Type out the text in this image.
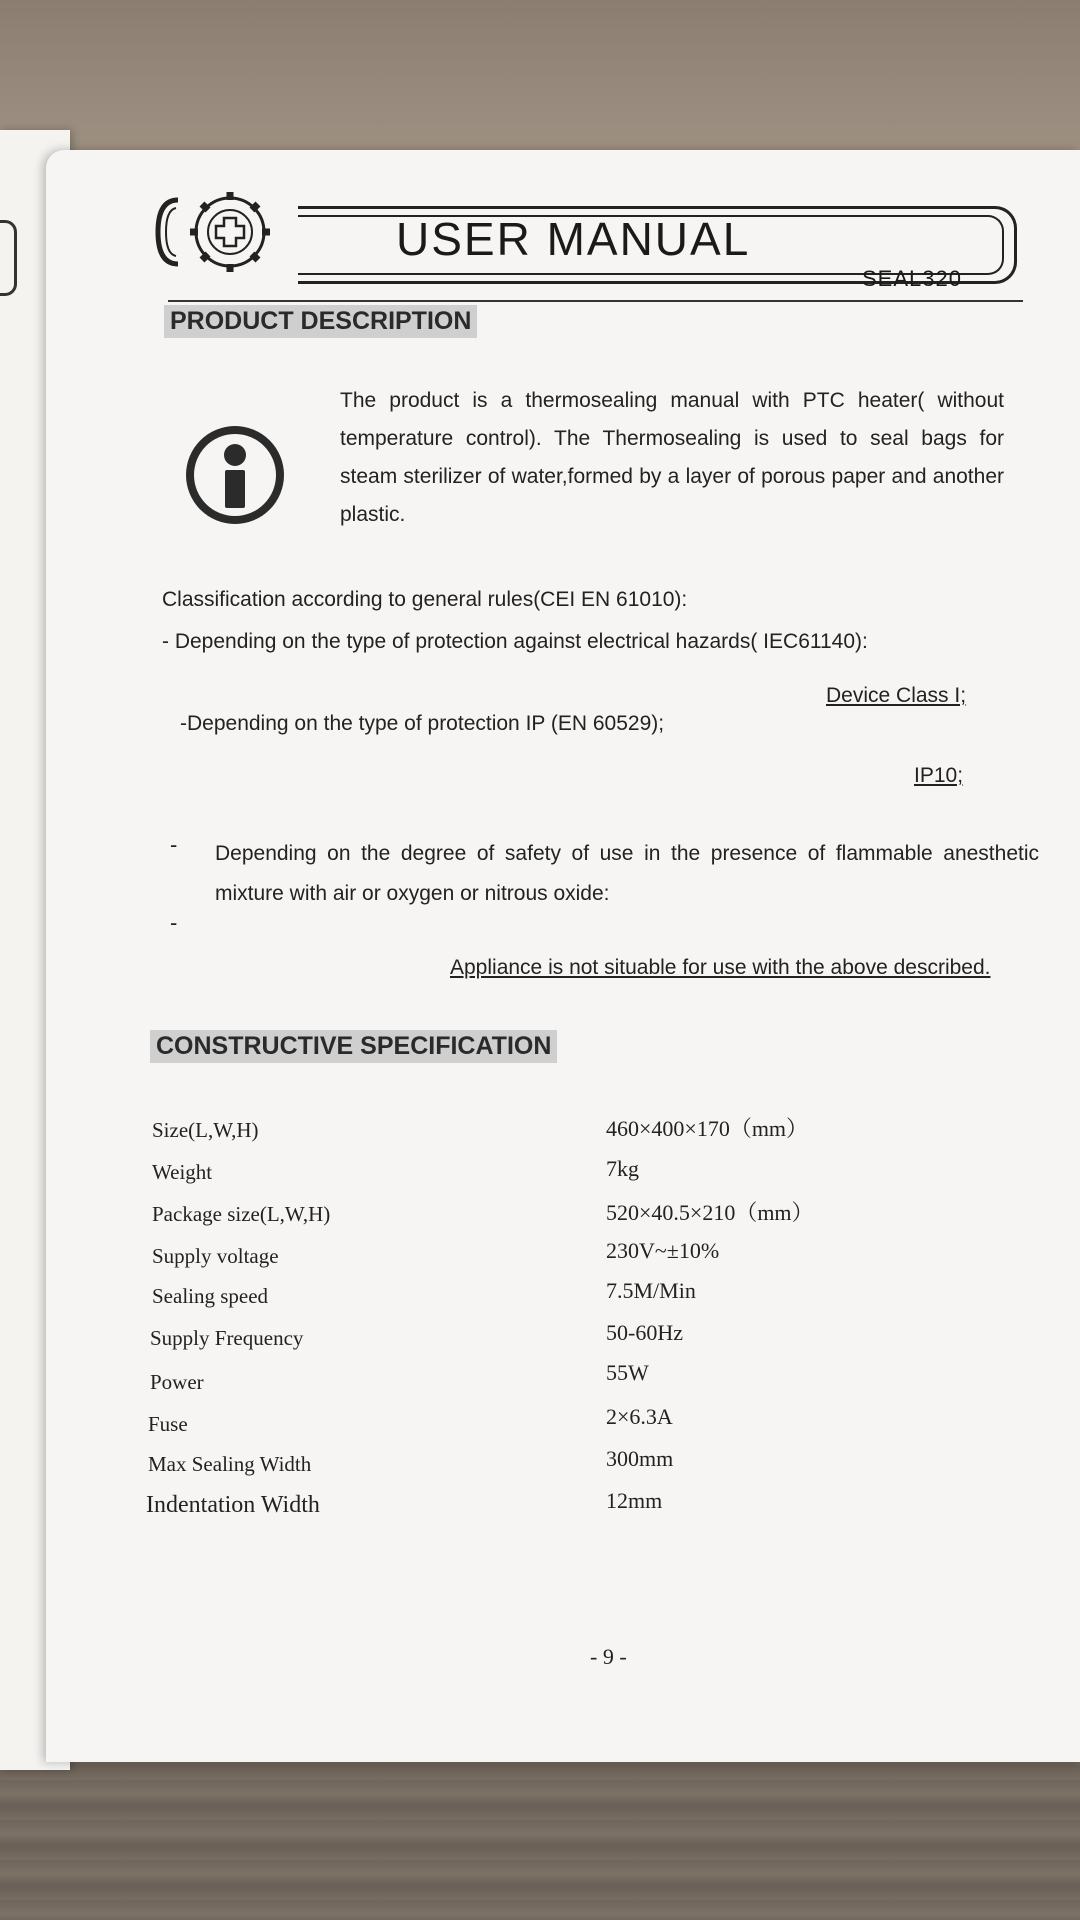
USER MANUAL
SEAL320
PRODUCT DESCRIPTION
The product is a thermosealing manual with PTC heater( without temperature control). The Thermosealing is used to seal bags for steam sterilizer of water,formed by a layer of porous paper and another plastic.
Classification according to general rules(CEI EN 61010):
- Depending on the type of protection against electrical hazards( IEC61140):
Device Class I;
-Depending on the type of protection IP (EN 60529);
IP10;
- Depending on the degree of safety of use in the presence of flammable anesthetic mixture with air or oxygen or nitrous oxide:
-
Appliance is not situable for use with the above described.
CONSTRUCTIVE SPECIFICATION
Size(L,W,H)	460×400×170（mm）
Weight	7kg
Package size(L,W,H)	520×40.5×210（mm）
Supply voltage	230V~±10%
Sealing speed	7.5M/Min
Supply Frequency	50-60Hz
Power	55W
Fuse	2×6.3A
Max Sealing Width	300mm
Indentation Width	12mm
- 9 -
